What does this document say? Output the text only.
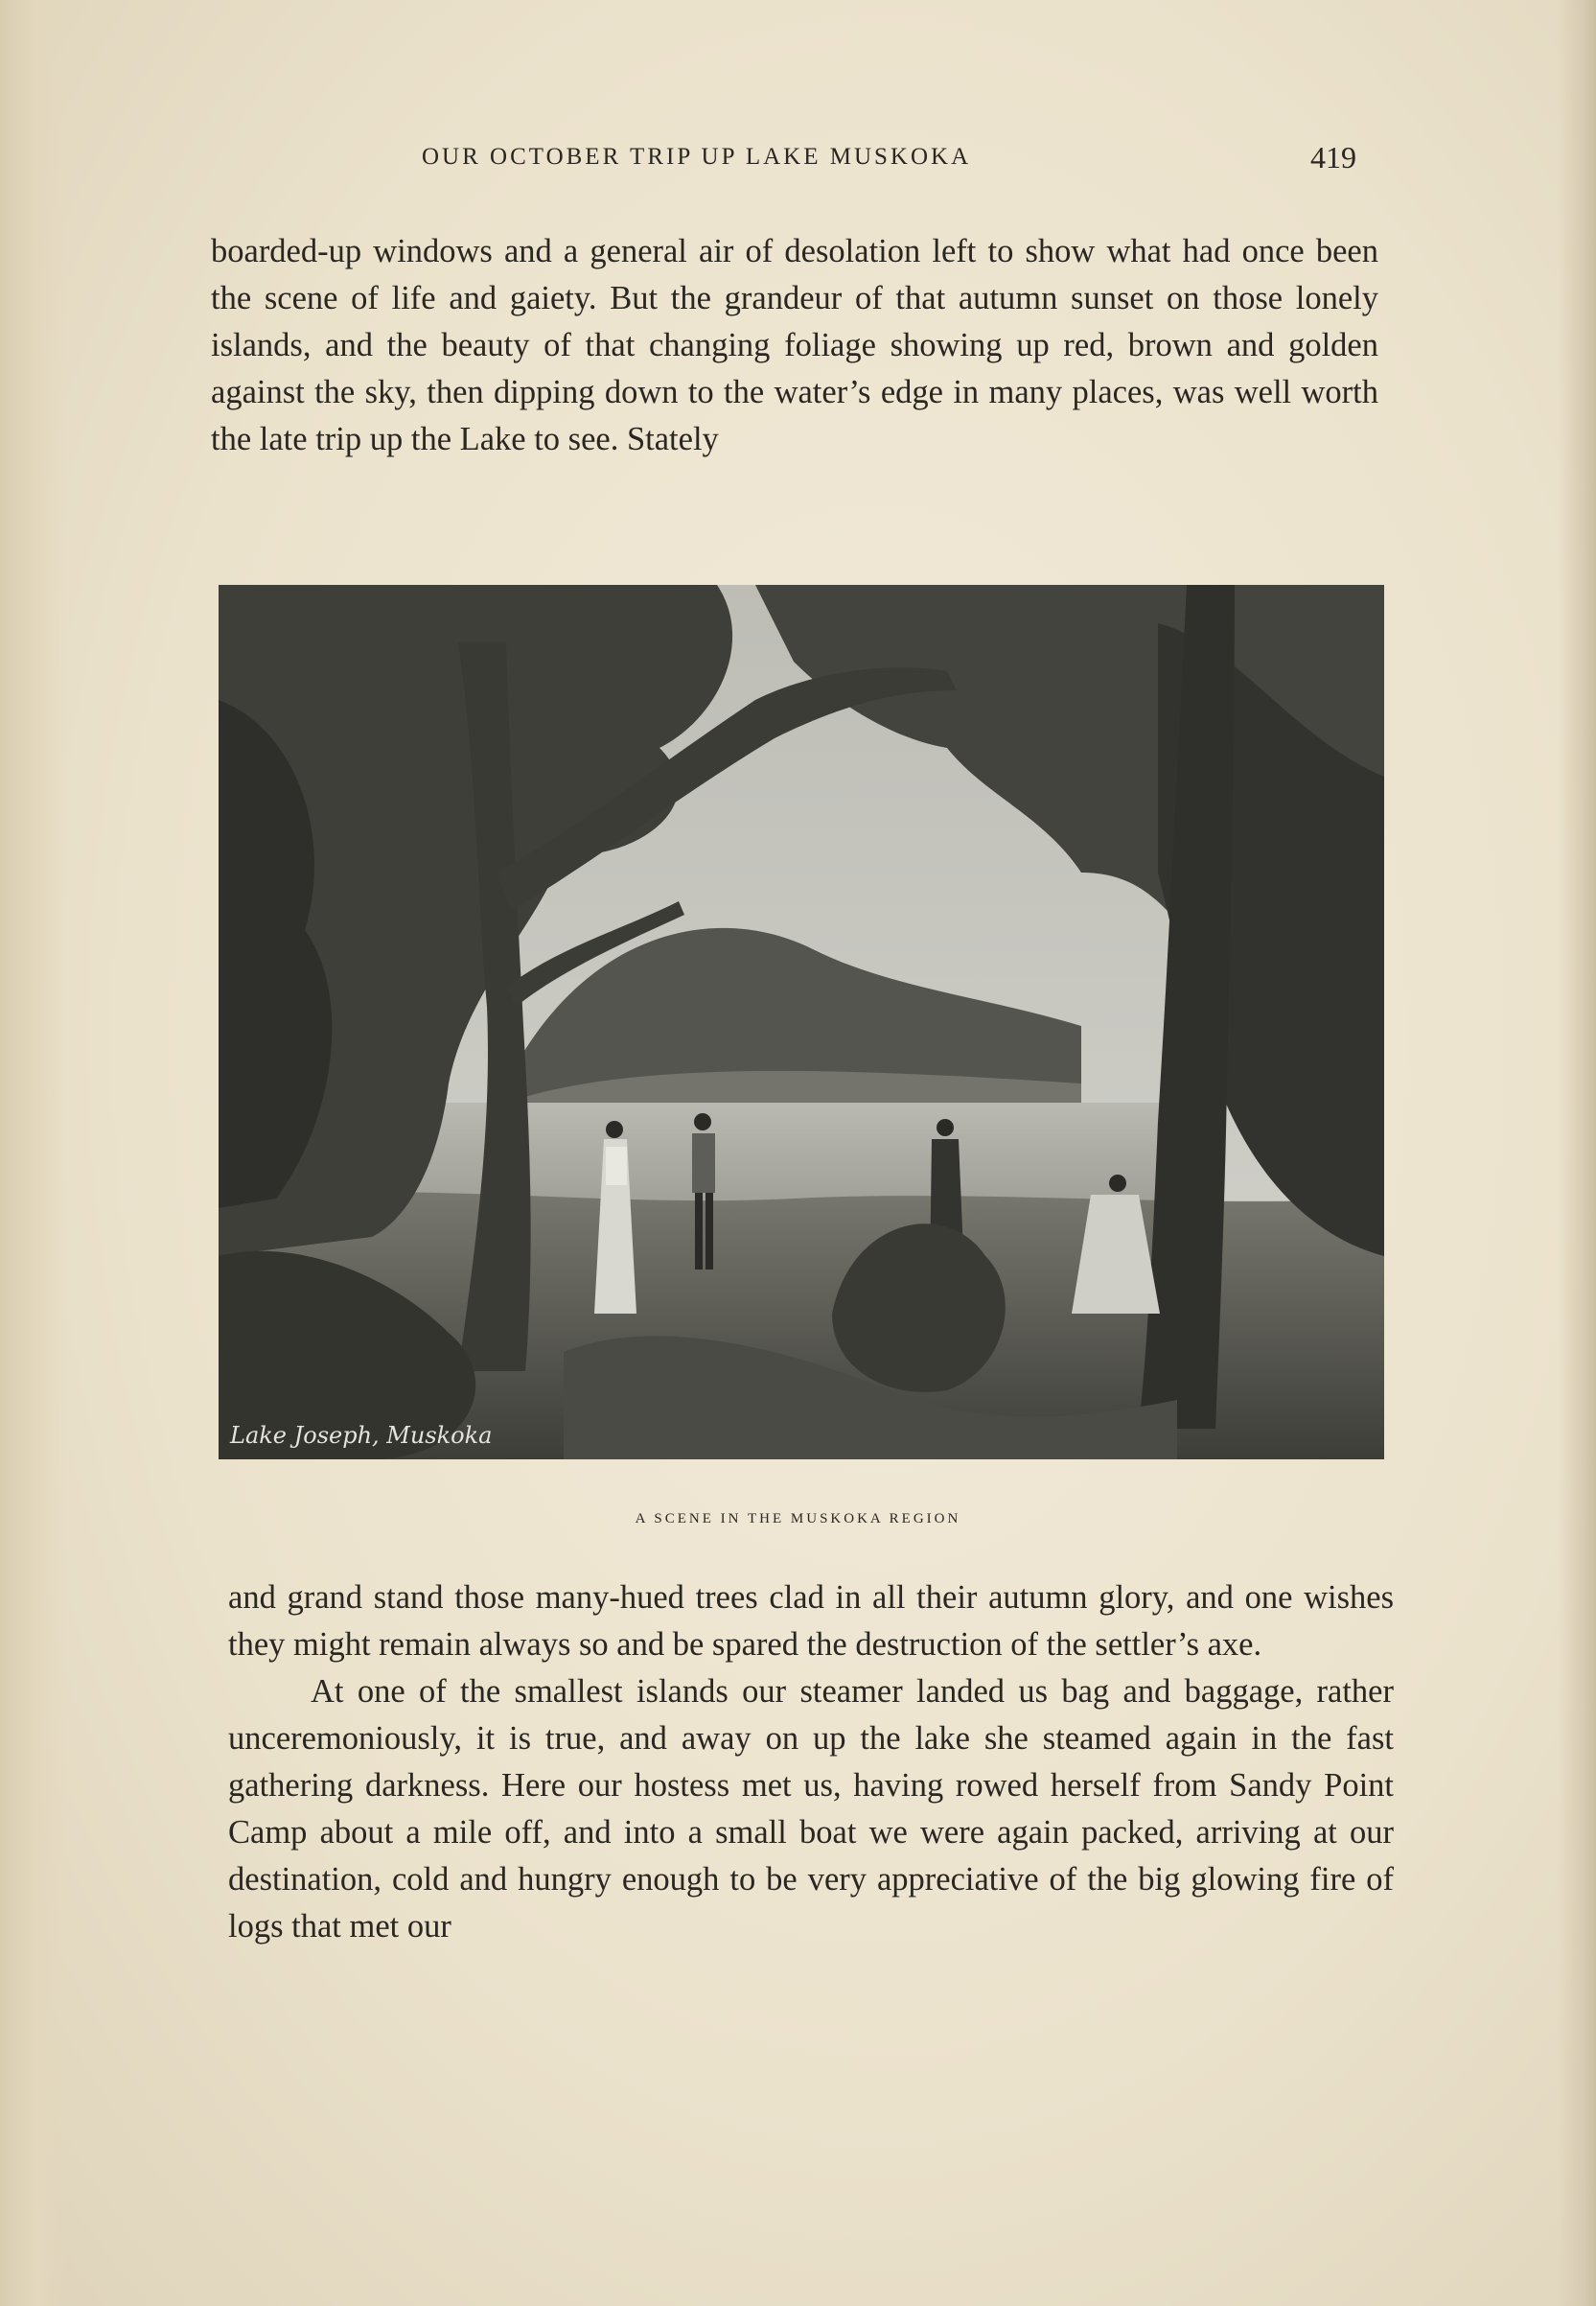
OUR OCTOBER TRIP UP LAKE MUSKOKA	419

boarded-up windows and a general air of desolation left to show what had once been the scene of life and gaiety. But the grandeur of that autumn sunset on those lonely islands, and the beauty of that changing foliage showing up red, brown and golden against the sky, then dipping down to the water’s edge in many places, was well worth the late trip up the Lake to see. Stately

Lake Joseph, Muskoka
A SCENE IN THE MUSKOKA REGION

and grand stand those many-hued trees clad in all their autumn glory, and one wishes they might remain always so and be spared the destruction of the settler’s axe.

At one of the smallest islands our steamer landed us bag and baggage, rather unceremoniously, it is true, and away on up the lake she steamed again in the fast gathering darkness. Here our hostess met us, having rowed herself from Sandy Point Camp about a mile off, and into a small boat we were again packed, arriving at our destination, cold and hungry enough to be very appreciative of the big glowing fire of logs that met our
